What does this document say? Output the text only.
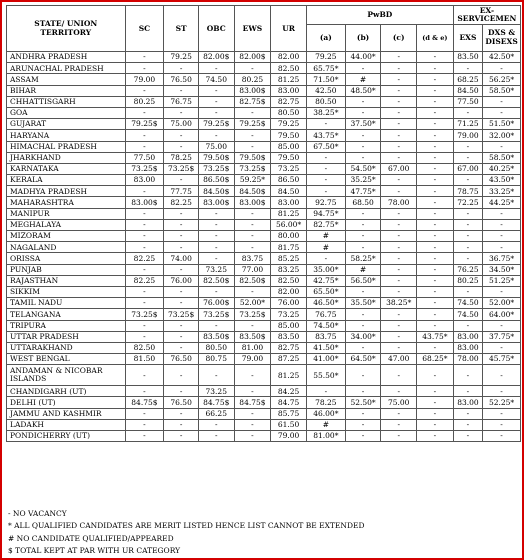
STATE/ UNION TERRITORY	SC	ST	OBC	EWS	UR	PwBD				EX-SERVICEMEN	
						(a)	(b)	(c)	(d & e)	EXS	DXS & DISEXS
ANDHRA PRADESH	-	79.25	82.00$	82.00$	82.00	79.25	44.00*	-	-	83.50	42.50*
ARUNACHAL PRADESH	-	-	-	-	82.50	65.75*	-	-	-	-	-
ASSAM	79.00	76.50	74.50	80.25	81.25	71.50*	#	-	-	68.25	56.25*
BIHAR	-	-	-	83.00$	83.00	42.50	48.50*	-	-	84.50	58.50*
CHHATTISGARH	80.25	76.75	-	82.75$	82.75	80.50	-	-	-	77.50	-
GOA	-	-	-	-	80.50	38.25*	-	-	-	-	-
GUJARAT	79.25$	75.00	79.25$	79.25$	79.25	-	37.50*	-	-	71.25	51.50*
HARYANA	-	-	-	-	79.50	43.75*	-	-	-	79.00	32.00*
HIMACHAL PRADESH	-	-	75.00	-	85.00	67.50*	-	-	-	-	-
JHARKHAND	77.50	78.25	79.50$	79.50$	79.50	-	-	-	-	-	58.50*
KARNATAKA	73.25$	73.25$	73.25$	73.25$	73.25	-	54.50*	67.00	-	67.00	40.25*
KERALA	83.00	-	86.50$	59.25*	86.50	-	35.25*	-	-	-	43.50*
MADHYA PRADESH	-	77.75	84.50$	84.50$	84.50	-	47.75*	-	-	78.75	33.25*
MAHARASHTRA	83.00$	82.25	83.00$	83.00$	83.00	92.75	68.50	78.00	-	72.25	44.25*
MANIPUR	-	-	-	-	81.25	94.75*	-	-	-	-	-
MEGHALAYA	-	-	-	-	56.00*	82.75*	-	-	-	-	-
MIZORAM	-	-	-	-	80.00	#	-	-	-	-	-
NAGALAND	-	-	-	-	81.75	#	-	-	-	-	-
ORISSA	82.25	74.00	-	83.75	85.25	-	58.25*	-	-	-	36.75*
PUNJAB	-	-	73.25	77.00	83.25	35.00*	#	-	-	76.25	34.50*
RAJASTHAN	82.25	76.00	82.50$	82.50$	82.50	42.75*	56.50*	-	-	80.25	51.25*
SIKKIM	-	-	-	-	82.00	65.50*	-	-	-	-	-
TAMIL NADU	-	-	76.00$	52.00*	76.00	46.50*	35.50*	38.25*	-	74.50	52.00*
TELANGANA	73.25$	73.25$	73.25$	73.25$	73.25	76.75	-	-	-	74.50	64.00*
TRIPURA	-	-	-	-	85.00	74.50*	-	-	-	-	-
UTTAR PRADESH	-	-	83.50$	83.50$	83.50	83.75	34.00*	-	43.75*	83.00	37.75*
UTTARAKHAND	82.50	-	80.50	81.00	82.75	41.50*	-	-	-	83.00	-
WEST BENGAL	81.50	76.50	80.75	79.00	87.25	41.00*	64.50*	47.00	68.25*	78.00	45.75*
ANDAMAN & NICOBAR ISLANDS	-	-	-	-	81.25	55.50*	-	-	-	-	-
CHANDIGARH (UT)	-	-	73.25	-	84.25	-	-	-	-	-	-
DELHI (UT)	84.75$	76.50	84.75$	84.75$	84.75	78.25	52.50*	75.00	-	83.00	52.25*
JAMMU AND KASHMIR	-	-	66.25	-	85.75	46.00*	-	-	-	-	-
LADAKH	-	-	-	-	61.50	#	-	-	-	-	-
PONDICHERRY (UT)	-	-	-	-	79.00	81.00*	-	-	-	-	-
- NO VACANCY
* ALL QUALIFIED CANDIDATES ARE MERIT LISTED HENCE LIST CANNOT BE EXTENDED
# NO CANDIDATE QUALIFIED/APPEARED
$ TOTAL KEPT AT PAR WITH UR CATEGORY
